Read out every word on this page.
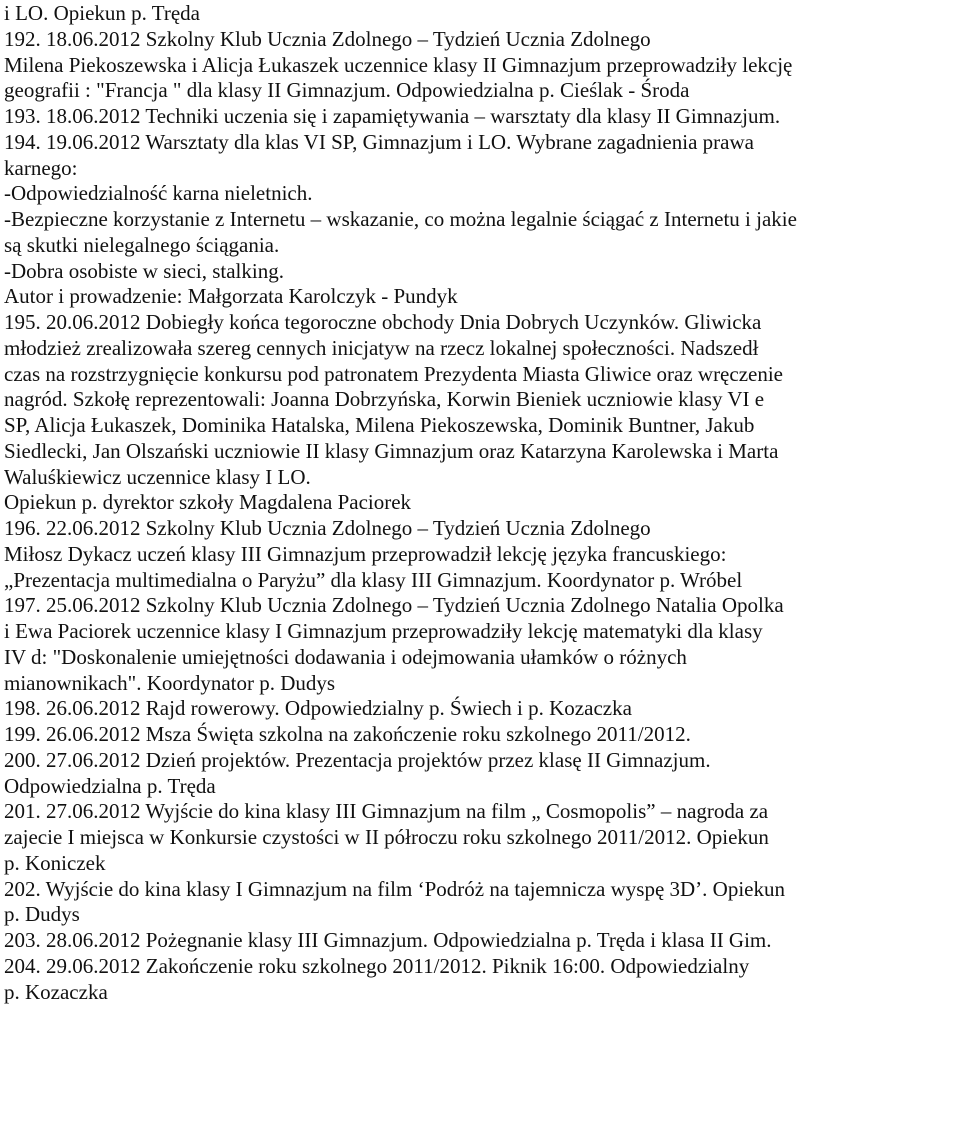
i LO. Opiekun p. Tręda
192. 18.06.2012 Szkolny Klub Ucznia Zdolnego – Tydzień Ucznia Zdolnego
Milena Piekoszewska i Alicja Łukaszek uczennice klasy II Gimnazjum przeprowadziły lekcję
geografii : "Francja " dla klasy II Gimnazjum. Odpowiedzialna p. Cieślak - Środa
193. 18.06.2012 Techniki uczenia się i zapamiętywania – warsztaty dla klasy II Gimnazjum.
194. 19.06.2012 Warsztaty dla klas VI SP, Gimnazjum i LO. Wybrane zagadnienia prawa
karnego:
-Odpowiedzialność karna nieletnich.
-Bezpieczne korzystanie z Internetu – wskazanie, co można legalnie ściągać z Internetu i jakie
są skutki nielegalnego ściągania.
-Dobra osobiste w sieci, stalking.
Autor i prowadzenie: Małgorzata Karolczyk - Pundyk
195. 20.06.2012 Dobiegły końca tegoroczne obchody Dnia Dobrych Uczynków. Gliwicka
młodzież zrealizowała szereg cennych inicjatyw na rzecz lokalnej społeczności. Nadszedł
czas na rozstrzygnięcie konkursu pod patronatem Prezydenta Miasta Gliwice oraz wręczenie
nagród. Szkołę reprezentowali: Joanna Dobrzyńska, Korwin Bieniek uczniowie klasy VI e
SP, Alicja Łukaszek, Dominika Hatalska, Milena Piekoszewska, Dominik Buntner, Jakub
Siedlecki, Jan Olszański uczniowie II klasy Gimnazjum oraz Katarzyna Karolewska i Marta
Waluśkiewicz uczennice klasy I LO.
Opiekun p. dyrektor szkoły Magdalena Paciorek
196. 22.06.2012 Szkolny Klub Ucznia Zdolnego – Tydzień Ucznia Zdolnego
Miłosz Dykacz uczeń klasy III Gimnazjum przeprowadził lekcję języka francuskiego:
„Prezentacja multimedialna o Paryżu” dla klasy III Gimnazjum. Koordynator p. Wróbel
197. 25.06.2012 Szkolny Klub Ucznia Zdolnego – Tydzień Ucznia Zdolnego Natalia Opolka
i Ewa Paciorek uczennice klasy I Gimnazjum przeprowadziły lekcję matematyki dla klasy
IV d: "Doskonalenie umiejętności dodawania i odejmowania ułamków o różnych
mianownikach". Koordynator p. Dudys
198. 26.06.2012 Rajd rowerowy. Odpowiedzialny p. Świech i p. Kozaczka
199. 26.06.2012 Msza Święta szkolna na zakończenie roku szkolnego 2011/2012.
200. 27.06.2012 Dzień projektów. Prezentacja projektów przez klasę II Gimnazjum.
Odpowiedzialna p. Tręda
201. 27.06.2012 Wyjście do kina klasy III Gimnazjum na film „ Cosmopolis” – nagroda za
zajecie I miejsca w Konkursie czystości w II półroczu roku szkolnego 2011/2012. Opiekun
p. Koniczek
202. Wyjście do kina klasy I Gimnazjum na film ‘Podróż na tajemnicza wyspę 3D’. Opiekun
p. Dudys
203. 28.06.2012 Pożegnanie klasy III Gimnazjum. Odpowiedzialna p. Tręda i klasa II Gim.
204. 29.06.2012 Zakończenie roku szkolnego 2011/2012. Piknik 16:00. Odpowiedzialny
p. Kozaczka
